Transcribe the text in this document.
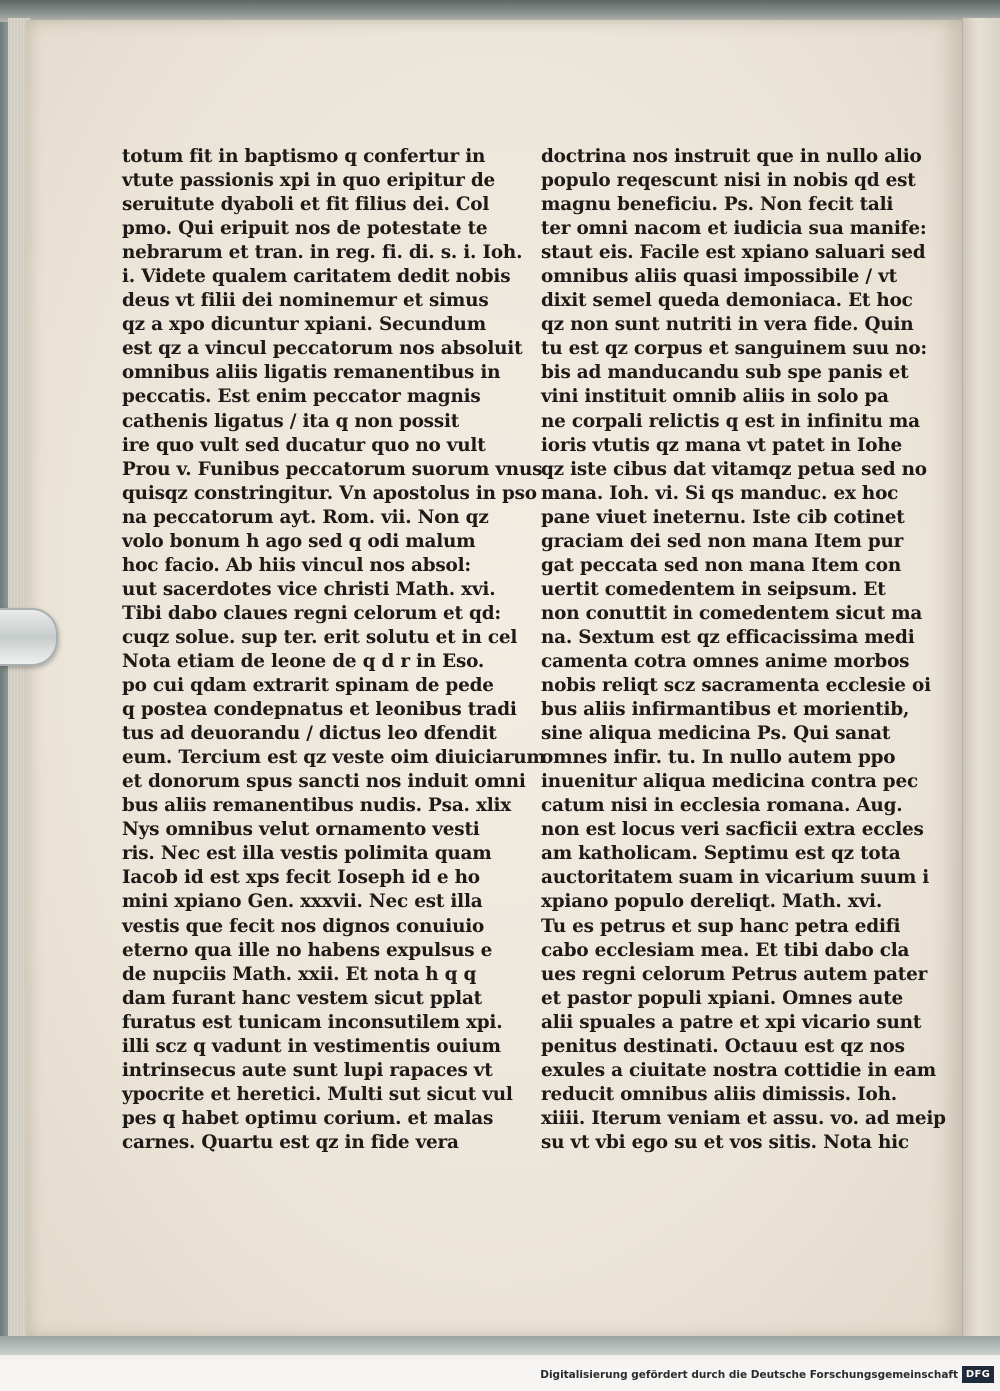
totum fit in baptismo q confertur in
vtute passionis xpi in quo eripitur de
seruitute dyaboli et fit filius dei. Col
pmo. Qui eripuit nos de potestate te
nebrarum et tran. in reg. fi. di. s. i. Ioh.
i. Videte qualem caritatem dedit nobis
deus vt filii dei nominemur et simus
qz a xpo dicuntur xpiani. Secundum
est qz a vincul peccatorum nos absoluit
omnibus aliis ligatis remanentibus in
peccatis. Est enim peccator magnis
cathenis ligatus / ita q non possit
ire quo vult sed ducatur quo no vult
Prou v. Funibus peccatorum suorum vnus
quisqz constringitur. Vn apostolus in pso
na peccatorum ayt. Rom. vii. Non qz
volo bonum h ago sed q odi malum
hoc facio. Ab hiis vincul nos absol:
uut sacerdotes vice christi Math. xvi.
Tibi dabo claues regni celorum et qd:
cuqz solue. sup ter. erit solutu et in cel
Nota etiam de leone de q d r in Eso.
po cui qdam extrarit spinam de pede
q postea condepnatus et leonibus tradi
tus ad deuorandu / dictus leo dfendit
eum. Tercium est qz veste oim diuiciarum
et donorum spus sancti nos induit omni
bus aliis remanentibus nudis. Psa. xlix
Nys omnibus velut ornamento vesti
ris. Nec est illa vestis polimita quam
Iacob id est xps fecit Ioseph id e ho
mini xpiano Gen. xxxvii. Nec est illa
vestis que fecit nos dignos conuiuio
eterno qua ille no habens expulsus e
de nupciis Math. xxii. Et nota h q q
dam furant hanc vestem sicut pplat
furatus est tunicam inconsutilem xpi.
illi scz q vadunt in vestimentis ouium
intrinsecus aute sunt lupi rapaces vt
ypocrite et heretici. Multi sut sicut vul
pes q habet optimu corium. et malas
carnes. Quartu est qz in fide vera
doctrina nos instruit que in nullo alio
populo reqescunt nisi in nobis qd est
magnu beneficiu. Ps. Non fecit tali
ter omni nacom et iudicia sua manife:
staut eis. Facile est xpiano saluari sed
omnibus aliis quasi impossibile / vt
dixit semel queda demoniaca. Et hoc
qz non sunt nutriti in vera fide. Quin
tu est qz corpus et sanguinem suu no:
bis ad manducandu sub spe panis et
vini instituit omnib aliis in solo pa
ne corpali relictis q est in infinitu ma
ioris vtutis qz mana vt patet in Iohe
qz iste cibus dat vitamqz petua sed no
mana. Ioh. vi. Si qs manduc. ex hoc
pane viuet ineternu. Iste cib cotinet
graciam dei sed non mana Item pur
gat peccata sed non mana Item con
uertit comedentem in seipsum. Et
non conuttit in comedentem sicut ma
na. Sextum est qz efficacissima medi
camenta cotra omnes anime morbos
nobis reliqt scz sacramenta ecclesie oi
bus aliis infirmantibus et morientib,
sine aliqua medicina Ps. Qui sanat
omnes infir. tu. In nullo autem ppo
inuenitur aliqua medicina contra pec
catum nisi in ecclesia romana. Aug.
non est locus veri sacficii extra eccles
am katholicam. Septimu est qz tota
auctoritatem suam in vicarium suum i
xpiano populo dereliqt. Math. xvi.
Tu es petrus et sup hanc petra edifi
cabo ecclesiam mea. Et tibi dabo cla
ues regni celorum Petrus autem pater
et pastor populi xpiani. Omnes aute
alii spuales a patre et xpi vicario sunt
penitus destinati. Octauu est qz nos
exules a ciuitate nostra cottidie in eam
reducit omnibus aliis dimissis. Ioh.
xiiii. Iterum veniam et assu. vo. ad meip
su vt vbi ego su et vos sitis. Nota hic
Digitalisierung gefördert durch die Deutsche Forschungsgemeinschaft DFG
